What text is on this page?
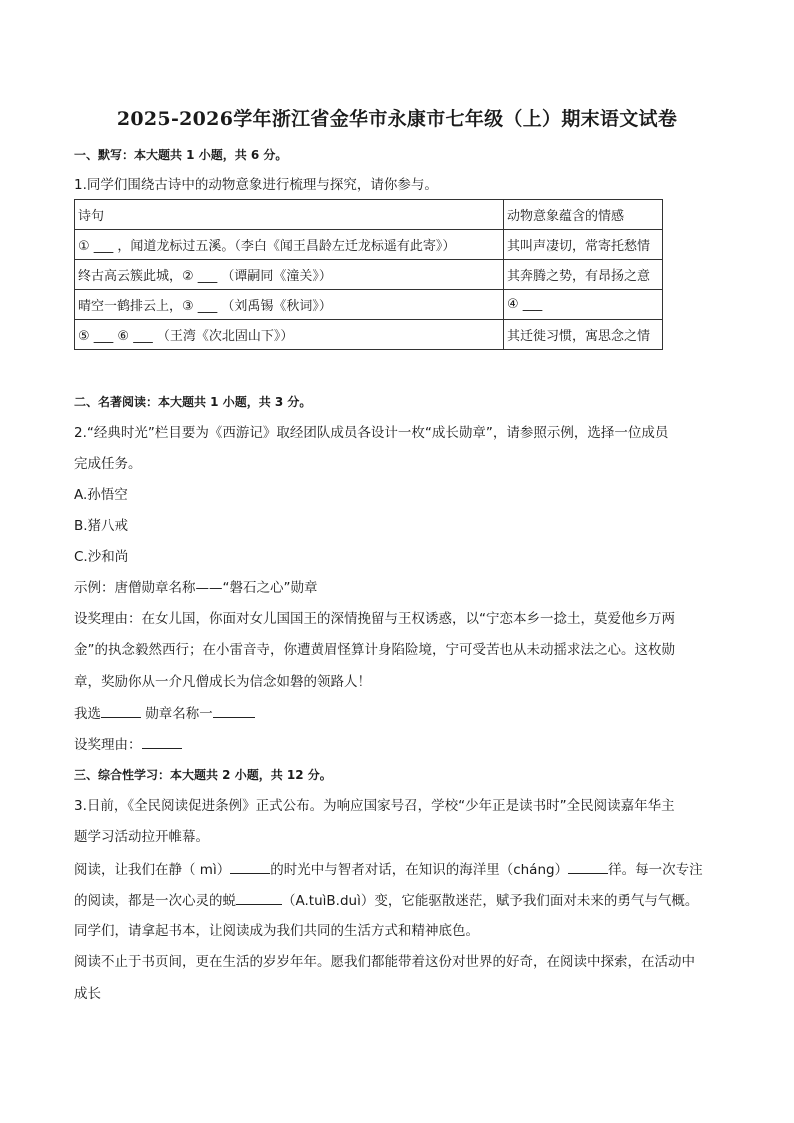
2025-2026学年浙江省金华市永康市七年级（上）期末语文试卷

一、默写：本大题共 1 小题，共 6 分。

1.同学们围绕古诗中的动物意象进行梳理与探究，请你参与。

诗句	动物意象蕴含的情感
① ___ ，闻道龙标过五溪。（李白《闻王昌龄左迁龙标遥有此寄》）	其叫声凄切，常寄托愁情
终古高云簇此城，② ___ （谭嗣同《潼关》）	其奔腾之势，有昂扬之意
晴空一鹤排云上，③ ___ （刘禹锡《秋词》）	④ ___
⑤ ___ ⑥ ___ （王湾《次北固山下》）	其迁徙习惯，寓思念之情

二、名著阅读：本大题共 1 小题，共 3 分。

2.“经典时光”栏目要为《西游记》取经团队成员各设计一枚“成长勋章”，请参照示例，选择一位成员

完成任务。

A.孙悟空

B.猪八戒

C.沙和尚

示例：唐僧勋章名称——“磐石之心”勋章

设奖理由：在女儿国，你面对女儿国国王的深情挽留与王权诱惑，以“宁恋本乡一捻土，莫爱他乡万两

金”的执念毅然西行；在小雷音寺，你遭黄眉怪算计身陷险境，宁可受苦也从未动摇求法之心。这枚勋

章，奖励你从一介凡僧成长为信念如磐的领路人！

我选	勋章名称一

设奖理由：

三、综合性学习：本大题共 2 小题，共 12 分。

3.日前，《全民阅读促进条例》正式公布。为响应国家号召，学校“少年正是读书时”全民阅读嘉年华主

题学习活动拉开帷幕。

阅读，让我们在静（ mì）	的时光中与智者对话，在知识的海洋里（cháng）	徉。每一次专注

的阅读，都是一次心灵的蜕	（A.tuìB.duì）变，它能驱散迷茫，赋予我们面对未来的勇气与气概。

同学们，请拿起书本，让阅读成为我们共同的生活方式和精神底色。

阅读不止于书页间，更在生活的岁岁年年。愿我们都能带着这份对世界的好奇，在阅读中探索，在活动中

成长
